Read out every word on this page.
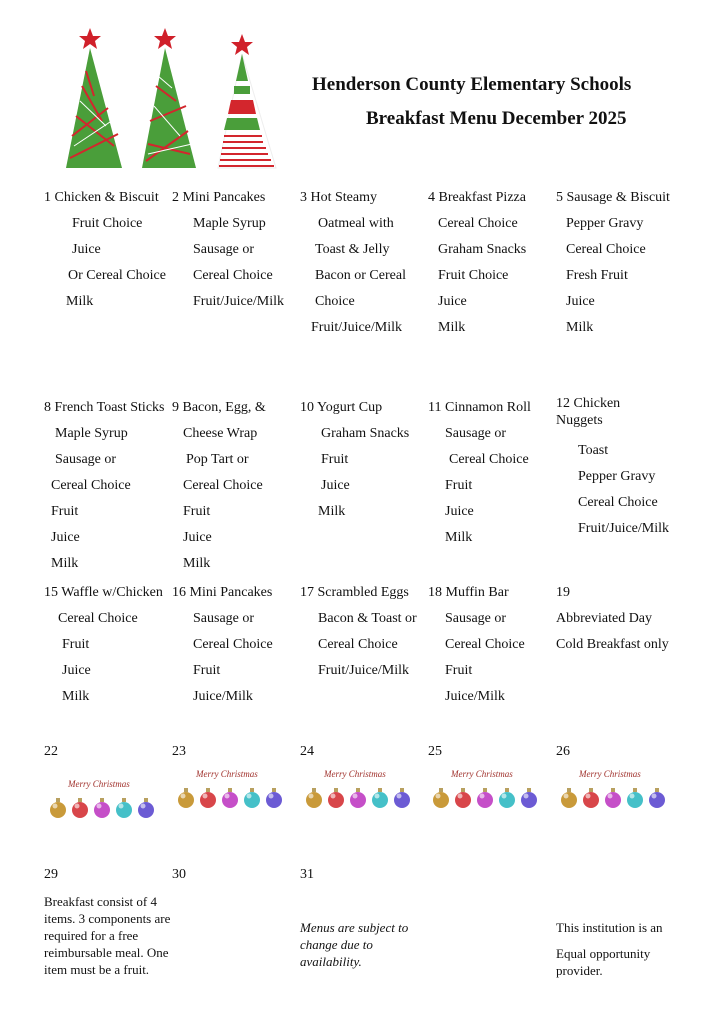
Henderson County Elementary Schools
Breakfast Menu December 2025
1 Chicken & Biscuit
Fruit Choice
Juice
Or Cereal Choice
Milk
2 Mini Pancakes
Maple Syrup
Sausage or
Cereal Choice
Fruit/Juice/Milk
3 Hot Steamy
Oatmeal with
Toast & Jelly
Bacon or Cereal
Choice
Fruit/Juice/Milk
4 Breakfast Pizza
Cereal Choice
Graham Snacks
Fruit Choice
Juice
Milk
5 Sausage & Biscuit
Pepper Gravy
Cereal Choice
Fresh Fruit
Juice
Milk
8 French Toast Sticks
Maple Syrup
Sausage or
Cereal Choice
Fruit
Juice
Milk
9 Bacon, Egg, &
Cheese Wrap
Pop Tart or
Cereal Choice
Fruit
Juice
Milk
10 Yogurt Cup
Graham Snacks
Fruit
Juice
Milk
11 Cinnamon Roll
Sausage or
Cereal Choice
Fruit
Juice
Milk
12 Chicken Nuggets
Toast
Pepper Gravy
Cereal Choice
Fruit/Juice/Milk
15 Waffle w/Chicken
Cereal Choice
Fruit
Juice
Milk
16 Mini Pancakes
Sausage or
Cereal Choice
Fruit
Juice/Milk
17 Scrambled Eggs
Bacon & Toast or
Cereal Choice
Fruit/Juice/Milk
18 Muffin Bar
Sausage or
Cereal Choice
Fruit
Juice/Milk
19
Abbreviated Day
Cold Breakfast only
22	23	24	25	26
Merry Christmas
Merry Christmas	Merry Christmas	Merry Christmas	Merry Christmas
29	30	31
Breakfast consist of 4 items. 3 components are required for a free reimbursable meal. One item must be a fruit.
Menus are subject to change due to availability.
This institution is an
Equal opportunity provider.
